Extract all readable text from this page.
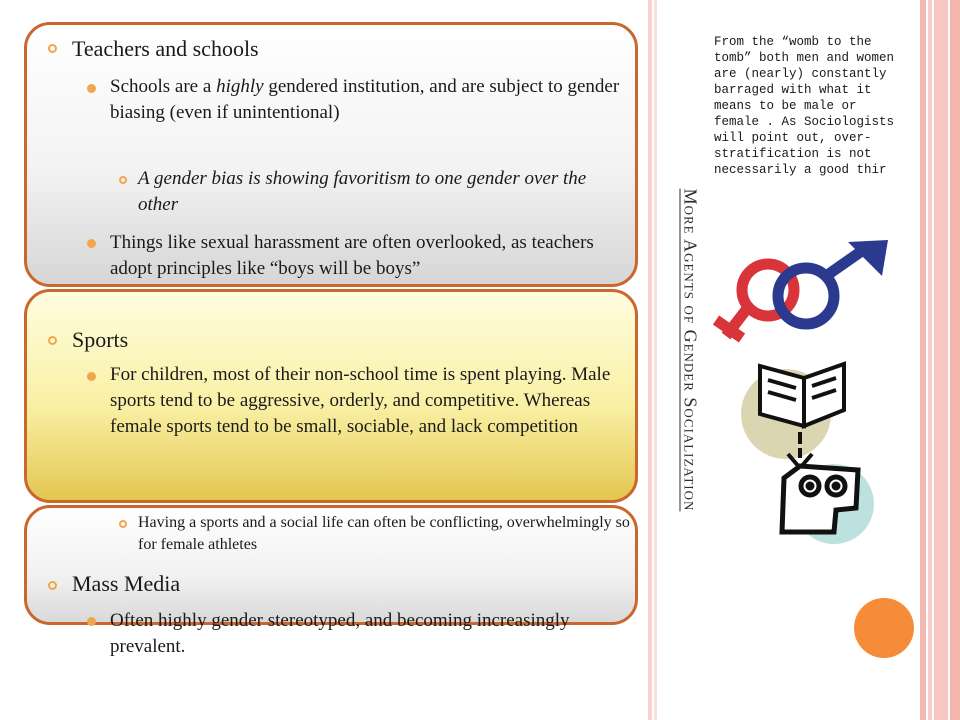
Teachers and schools
Schools are a highly gendered institution, and are subject to gender biasing (even if unintentional)
A gender bias is showing favoritism to one gender over the other
Things like sexual harassment are often overlooked, as teachers adopt principles like “boys will be boys”
Sports
For children, most of their non-school time is spent playing. Male sports tend to be aggressive, orderly, and competitive. Whereas female sports tend to be small, sociable, and lack competition
Having a sports and a social life can often be conflicting, overwhelmingly so for female athletes
Mass Media
Often highly gender stereotyped, and becoming increasingly prevalent.
More Agents of Gender Socialization
From the “womb to the tomb” both men and women are (nearly) constantly barraged with what it means to be male or female . As Sociologists will point out, over-stratification is not necessarily a good thir
